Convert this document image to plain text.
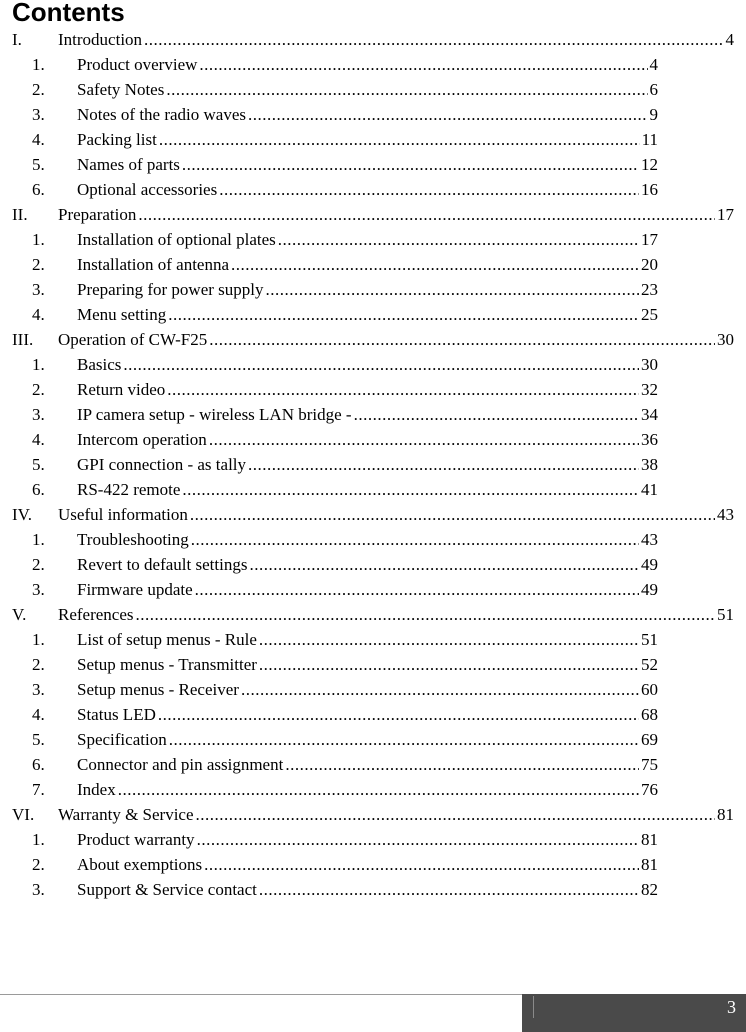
Contents
I.	Introduction .....	4
1.	Product overview .....	4
2.	Safety Notes .....	6
3.	Notes of the radio waves .....	9
4.	Packing list .....	11
5.	Names of parts .....	12
6.	Optional accessories .....	16
II.	Preparation .....	17
1.	Installation of optional plates .....	17
2.	Installation of antenna .....	20
3.	Preparing for power supply .....	23
4.	Menu setting .....	25
III.	Operation of CW-F25 .....	30
1.	Basics .....	30
2.	Return video .....	32
3.	IP camera setup - wireless LAN bridge - .....	34
4.	Intercom operation .....	36
5.	GPI connection - as tally .....	38
6.	RS-422 remote .....	41
IV.	Useful information .....	43
1.	Troubleshooting .....	43
2.	Revert to default settings .....	49
3.	Firmware update .....	49
V.	References .....	51
1.	List of setup menus - Rule .....	51
2.	Setup menus - Transmitter .....	52
3.	Setup menus - Receiver .....	60
4.	Status LED .....	68
5.	Specification .....	69
6.	Connector and pin assignment .....	75
7.	Index .....	76
VI.	Warranty & Service .....	81
1.	Product warranty .....	81
2.	About exemptions .....	81
3.	Support & Service contact .....	82
3
